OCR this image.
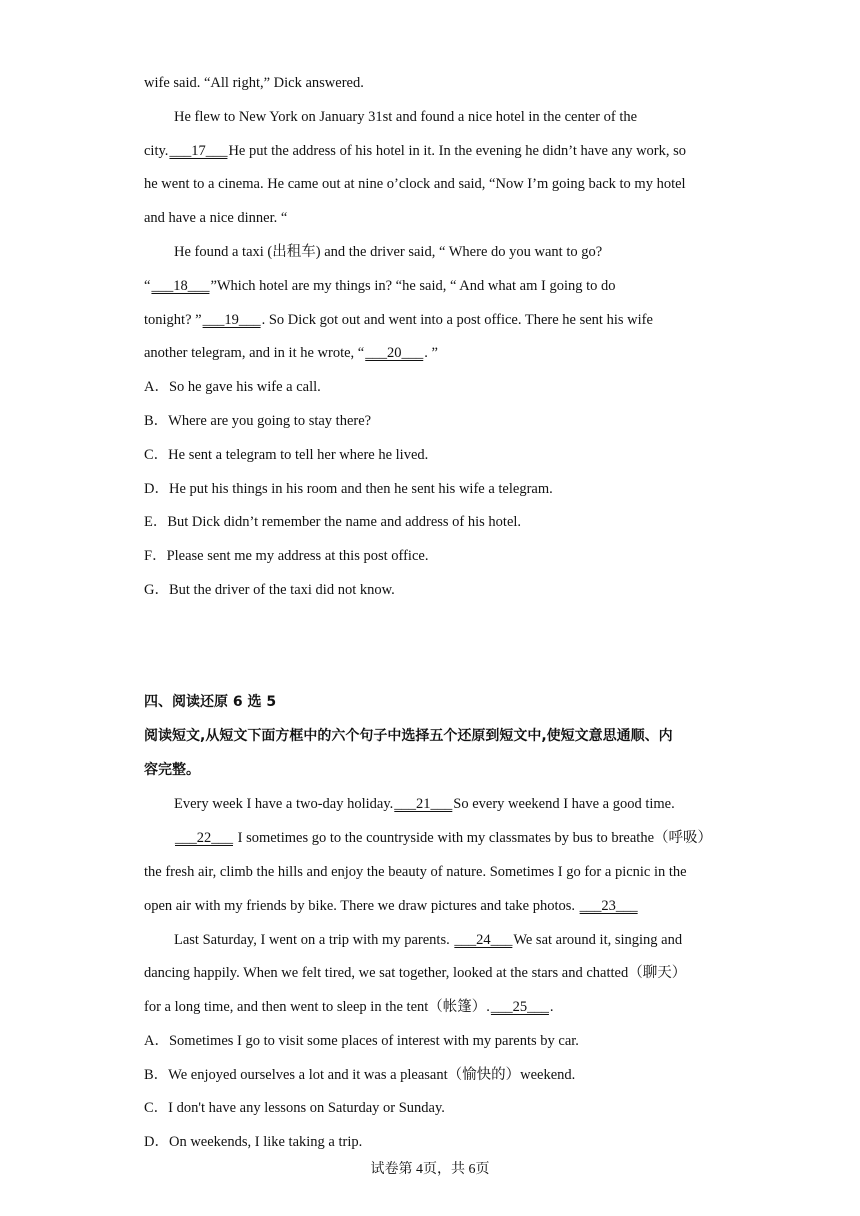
wife said. “All right,” Dick answered.
He flew to New York on January 31st and found a nice hotel in the center of the
city.___17___He put the address of his hotel in it. In the evening he didn’t have any work, so
he went to a cinema. He came out at nine o’clock and said, “Now I’m going back to my hotel
and have a nice dinner. “
He found a taxi (出租车) and the driver said, “ Where do you want to go?
“___18___”Which hotel are my things in? “he said, “ And what am I going to do
tonight? ”___19___. So Dick got out and went into a post office. There he sent his wife
another telegram, and in it he wrote, “___20___. ”
A．So he gave his wife a call.
B．Where are you going to stay there?
C．He sent a telegram to tell her where he lived.
D．He put his things in his room and then he sent his wife a telegram.
E．But Dick didn’t remember the name and address of his hotel.
F．Please sent me my address at this post office.
G．But the driver of the taxi did not know.
四、阅读还原 6 选 5
阅读短文,从短文下面方框中的六个句子中选择五个还原到短文中,使短文意思通顺、内
容完整。
Every week I have a two-day holiday.___21___So every weekend I have a good time.
___22___ I sometimes go to the countryside with my classmates by bus to breathe（呼吸）
the fresh air, climb the hills and enjoy the beauty of nature. Sometimes I go for a picnic in the
open air with my friends by bike. There we draw pictures and take photos. ___23___
Last Saturday, I went on a trip with my parents. ___24___We sat around it, singing and
dancing happily. When we felt tired, we sat together, looked at the stars and chatted（聊天）
for a long time, and then went to sleep in the tent（帐篷）.___25___.
A．Sometimes I go to visit some places of interest with my parents by car.
B．We enjoyed ourselves a lot and it was a pleasant（愉快的）weekend.
C．I don't have any lessons on Saturday or Sunday.
D．On weekends, I like taking a trip.
试卷第 4页，共 6页
